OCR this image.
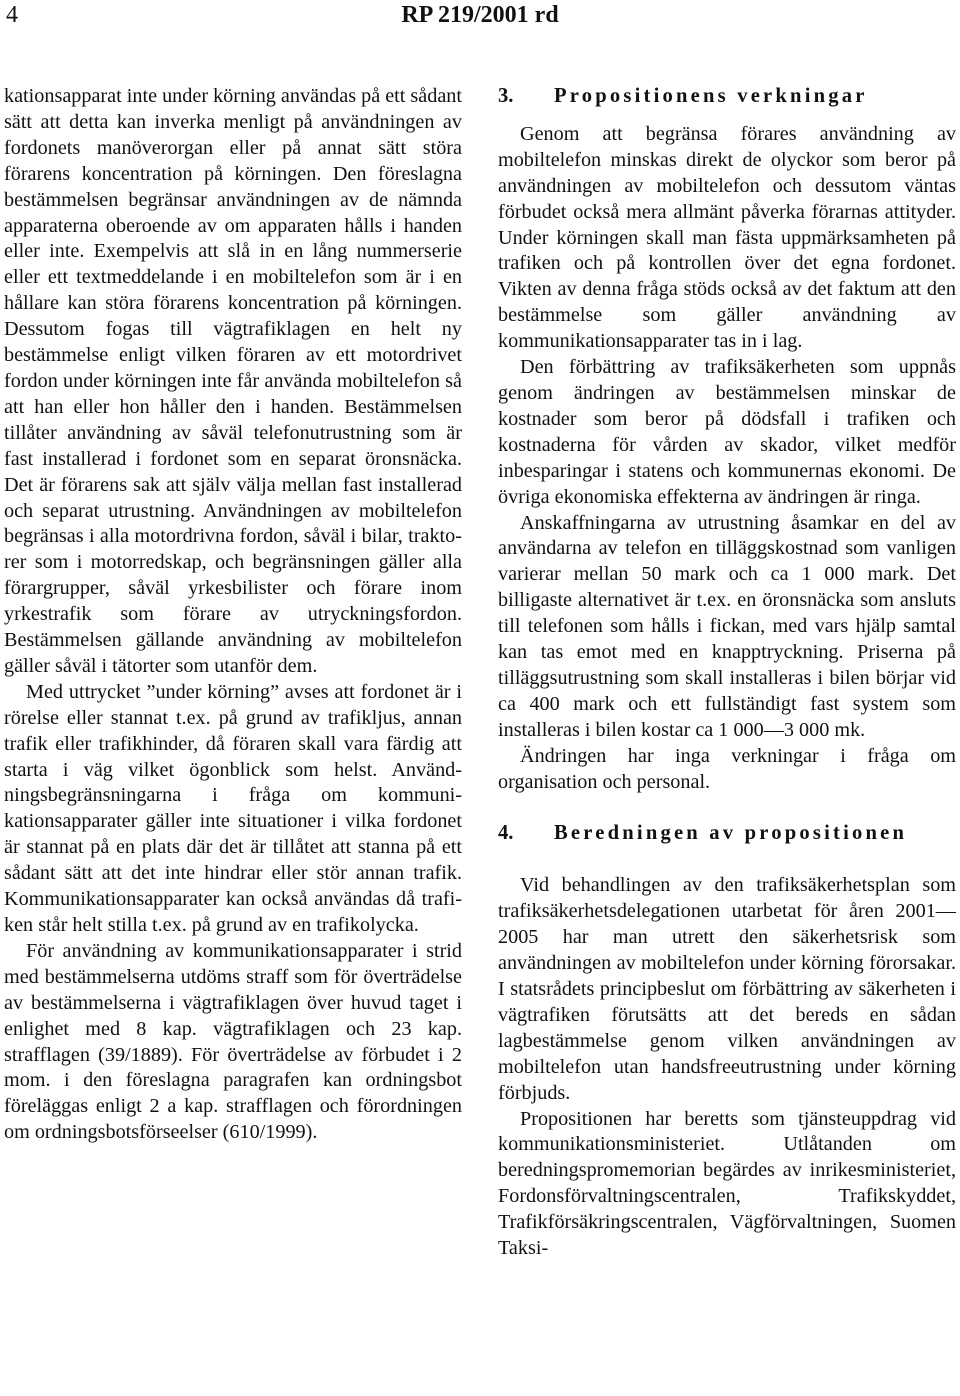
4	RP 219/2001 rd

kationsapparat inte under körning användas på ett sådant sätt att detta kan inverka menligt på användningen av fordonets manöverorgan eller på annat sätt störa förarens koncentration på körningen. Den föreslagna bestämmelsen begränsar användningen av de nämnda apparaterna oberoende av om apparaten hålls i handen eller inte. Exempelvis att slå in en lång nummerserie eller ett textmeddelande i en mobiltelefon som är i en hållare kan störa förarens koncentration på körningen. Dessutom fogas till vägtrafiklagen en helt ny bestämmelse enligt vilken föraren av ett motordrivet fordon under körningen inte får använda mobiltelefon så att han eller hon håller den i handen. Bestämmelsen tillåter användning av såväl telefonutrustning som är fast installerad i fordonet som en separat öronsnäcka. Det är förarens sak att själv välja mellan fast installerad och separat utrustning. Användningen av mobiltelefon begränsas i alla motordrivna fordon, såväl i bilar, traktorer som i motorredskap, och begränsningen gäller alla förargrupper, såväl yrkesbilister och förare inom yrkestrafik som förare av utryckningsfordon. Bestämmelsen gällande användning av mobiltelefon gäller såväl i tätorter som utanför dem.

Med uttrycket ”under körning” avses att fordonet är i rörelse eller stannat t.ex. på grund av trafikljus, annan trafik eller trafikhinder, då föraren skall vara färdig att starta i väg vilket ögonblick som helst. Användningsbegränsningarna i fråga om kommunikationsapparater gäller inte situationer i vilka fordonet är stannat på en plats där det är tillåtet att stanna på ett sådant sätt att det inte hindrar eller stör annan trafik. Kommunikationsapparater kan också användas då trafiken står helt stilla t.ex. på grund av en trafikolycka.

För användning av kommunikationsapparater i strid med bestämmelserna utdöms straff som för överträdelse av bestämmelserna i vägtrafiklagen över huvud taget i enlighet med 8 kap. vägtrafiklagen och 23 kap. strafflagen (39/1889). För överträdelse av förbudet i 2 mom. i den föreslagna paragrafen kan ordningsbot föreläggas enligt 2 a kap. strafflagen och förordningen om ordningsbotsförseelser (610/1999).

3. Propositionens verkningar

Genom att begränsa förares användning av mobiltelefon minskas direkt de olyckor som beror på användningen av mobiltelefon och dessutom väntas förbudet också mera allmänt påverka förarnas attityder. Under körningen skall man fästa uppmärksamheten på trafiken och på kontrollen över det egna fordonet. Vikten av denna fråga stöds också av det faktum att den bestämmelse som gäller användning av kommunikationsapparater tas in i lag.

Den förbättring av trafiksäkerheten som uppnås genom ändringen av bestämmelsen minskar de kostnader som beror på dödsfall i trafiken och kostnaderna för vården av skador, vilket medför inbesparingar i statens och kommunernas ekonomi. De övriga ekonomiska effekterna av ändringen är ringa.

Anskaffningarna av utrustning åsamkar en del av användarna av telefon en tilläggskostnad som vanligen varierar mellan 50 mark och ca 1 000 mark. Det billigaste alternativet är t.ex. en öronsnäcka som ansluts till telefonen som hålls i fickan, med vars hjälp samtal kan tas emot med en knapptryckning. Priserna på tilläggsutrustning som skall installeras i bilen börjar vid ca 400 mark och ett fullständigt fast system som installeras i bilen kostar ca 1 000—3 000 mk.

Ändringen har inga verkningar i fråga om organisation och personal.

4. Beredningen av propositionen

Vid behandlingen av den trafiksäkerhetsplan som trafiksäkerhetsdelegationen utarbetat för åren 2001—2005 har man utrett den säkerhetsrisk som användningen av mobiltelefon under körning förorsakar. I statsrådets principbeslut om förbättring av säkerheten i vägtrafiken förutsätts att det bereds en sådan lagbestämmelse genom vilken användningen av mobiltelefon utan handsfreeutrustning under körning förbjuds.

Propositionen har beretts som tjänsteuppdrag vid kommunikationsministeriet. Utlåtanden om beredningspromemorian begärdes av inrikesministeriet, Fordonsförvaltningscentralen, Trafikskyddet, Trafikförsäkringscentralen, Vägförvaltningen, Suomen Taksi-
